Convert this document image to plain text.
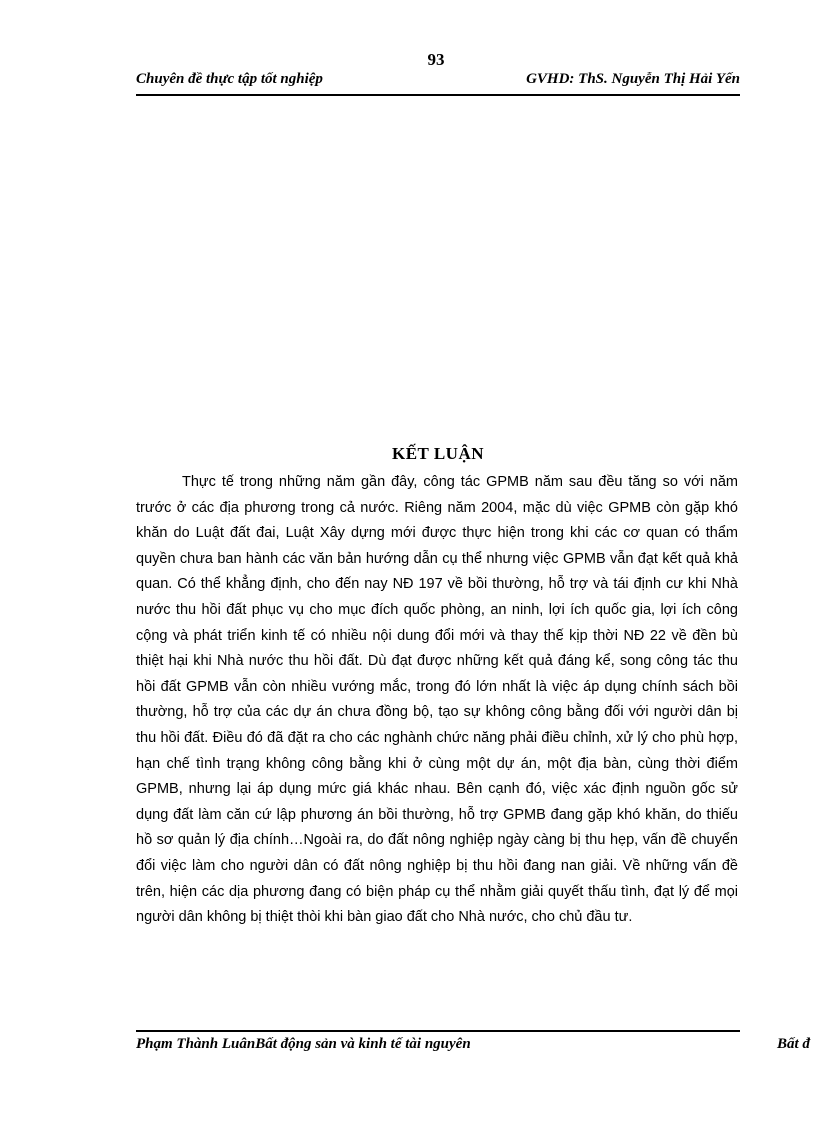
93
Chuyên đề thực tập tốt nghiệp	GVHD: ThS. Nguyễn Thị Hải Yến
KẾT LUẬN

Thực tế trong những năm gần đây, công tác GPMB năm sau đều tăng so với năm trước ở các địa phương trong cả nước. Riêng năm 2004, mặc dù việc GPMB còn gặp khó khăn do Luật đất đai, Luật Xây dựng mới được thực hiện trong khi các cơ quan có thẩm quyền chưa ban hành các văn bản hướng dẫn cụ thể nhưng việc GPMB vẫn đạt kết quả khả quan. Có thể khẳng định, cho đến nay NĐ 197 về bồi thường, hỗ trợ và tái định cư khi Nhà nước thu hồi đất phục vụ cho mục đích quốc phòng, an ninh, lợi ích quốc gia, lợi ích công cộng và phát triển kinh tế có nhiều nội dung đổi mới và thay thế kịp thời NĐ 22 về đền bù thiệt hại khi Nhà nước thu hồi đất. Dù đạt được những kết quả đáng kể, song công tác thu hồi đất GPMB vẫn còn nhiều vướng mắc, trong đó lớn nhất là việc áp dụng chính sách bồi thường, hỗ trợ của các dự án chưa đồng bộ, tạo sự không công bằng đối với người dân bị thu hồi đất. Điều đó đã đặt ra cho các nghành chức năng phải điều chỉnh, xử lý cho phù hợp, hạn chế tình trạng không công bằng khi ở cùng một dự án, một địa bàn, cùng thời điểm GPMB, nhưng lại áp dụng mức giá khác nhau. Bên cạnh đó, việc xác định nguồn gốc sử dụng đất làm căn cứ lập phương án bồi thường, hỗ trợ GPMB đang gặp khó khăn, do thiếu hồ sơ quản lý địa chính…Ngoài ra, do đất nông nghiệp ngày càng bị thu hẹp, vấn đề chuyển đổi việc làm cho người dân có đất nông nghiệp bị thu hồi đang nan giải. Về những vấn đề trên, hiện các dịa phương đang có biện pháp cụ thể nhằm giải quyết thấu tình, đạt lý để mọi người dân không bị thiệt thòi khi bàn giao đất cho Nhà nước, cho chủ đầu tư.

Phạm Thành LuânBất động sản và kinh tế tài nguyên	Bất đ
